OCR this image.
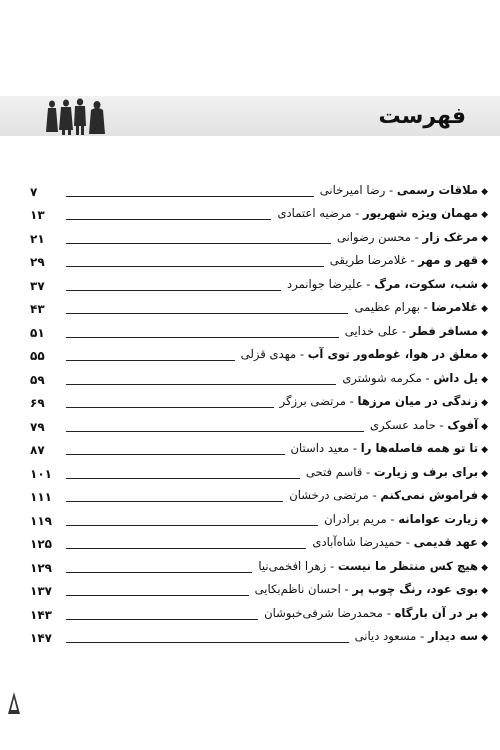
فهرست
◆ملاقات رسمی - رضا امیرخانی
۷
◆مهمان ویژه شهریور - مرضیه اعتمادی
۱۳
◆مرغک زار - محسن رضوانی
۲۱
◆قهر و مهر - غلامرضا طریقی
۲۹
◆شب، سکوت، مرگ - علیرضا جوانمرد
۳۷
◆غلامرضا - بهرام عظیمی
۴۳
◆مسافر فطر - علی خدایی
۵۱
◆معلق در هوا، غوطه‌ور توی آب - مهدی قزلی
۵۵
◆یل داش - مکرمه شوشتری
۵۹
◆زندگی در میان مرزها - مرتضی برزگر
۶۹
◆آفوک - حامد عسکری
۷۹
◆تا تو همه فاصله‌ها را - معید داستان
۸۷
◆برای برف و زیارت - قاسم فتحی
۱۰۱
◆فراموش نمی‌کنم - مرتضی درخشان
۱۱۱
◆زیارت عوامانه - مریم برادران
۱۱۹
◆عهد قدیمی - حمیدرضا شاه‌آبادی
۱۲۵
◆هیچ کس منتظر ما نیست - زهرا افخمی‌نیا
۱۲۹
◆بوی عود، رنگ چوب پر - احسان ناظم‌بکایی
۱۳۷
◆بر در آن بارگاه - محمدرضا شرفی‌خبوشان
۱۴۳
◆سه دیدار - مسعود دیانی
۱۴۷
